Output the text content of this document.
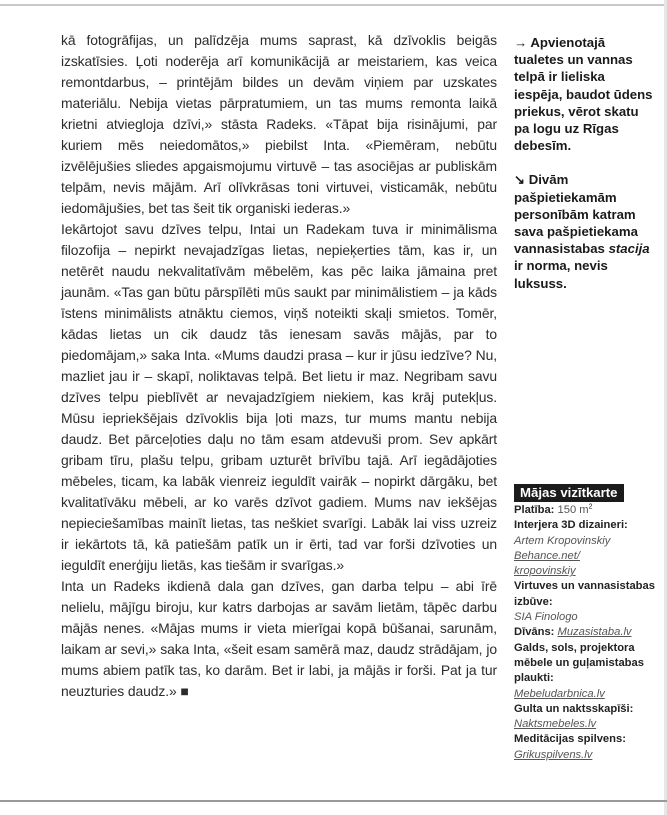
kā fotogrāfijas, un palīdzēja mums saprast, kā dzīvoklis beigās izskatīsies. Ļoti noderēja arī komunikācijā ar meistariem, kas veica remontdarbus, – printējām bildes un devām viņiem par uzskates materiālu. Nebija vietas pārpratumiem, un tas mums remonta laikā krietni atviegloja dzīvi,» stāsta Radeks. «Tāpat bija risinājumi, par kuriem mēs neiedomātos,» piebilst Inta. «Piemēram, nebūtu izvēlējušies sliedes apgaismojumu virtuvē – tas asociējas ar publiskām telpām, nevis mājām. Arī olīvkrāsas toni virtuvei, visticamāk, nebūtu iedomājušies, bet tas šeit tik organiski iederas.»

Iekārtojot savu dzīves telpu, Intai un Radekam tuva ir minimālisma filozofija – nepirkt nevajadzīgas lietas, nepieķerties tām, kas ir, un netērēt naudu nekvalitatīvām mēbelēm, kas pēc laika jāmaina pret jaunām. «Tas gan būtu pārspīlēti mūs saukt par minimālistiem – ja kāds īstens minimālists atnāktu ciemos, viņš noteikti skaļi smietos. Tomēr, kādas lietas un cik daudz tās ienesam savās mājās, par to piedomājam,» saka Inta. «Mums daudzi prasa – kur ir jūsu iedzīve? Nu, mazliet jau ir – skapī, noliktavas telpā. Bet lietu ir maz. Negribam savu dzīves telpu pieblīvēt ar nevajadzīgiem niekiem, kas krāj putekļus. Mūsu iepriekšējais dzīvoklis bija ļoti mazs, tur mums mantu nebija daudz. Bet pārceļoties daļu no tām esam atdevuši prom. Sev apkārt gribam tīru, plašu telpu, gribam uzturēt brīvību tajā. Arī iegādājoties mēbeles, ticam, ka labāk vienreiz ieguldīt vairāk – nopirkt dārgāku, bet kvalitatīvāku mēbeli, ar ko varēs dzīvot gadiem. Mums nav iekšējas nepieciešamības mainīt lietas, tas neškiet svarīgi. Labāk lai viss uzreiz ir iekārtots tā, kā patiešām patīk un ir ērti, tad var forši dzīvoties un ieguldīt enerģiju lietās, kas tiešām ir svarīgas.»

Inta un Radeks ikdienā dala gan dzīves, gan darba telpu – abi īrē nelielu, mājīgu biroju, kur katrs darbojas ar savām lietām, tāpēc darbu mājās nenes. «Mājas mums ir vieta mierīgai kopā būšanai, sarunām, laikam ar sevi,» saka Inta, «šeit esam samērā maz, daudz strādājam, jo mums abiem patīk tas, ko darām. Bet ir labi, ja mājās ir forši. Pat ja tur neuzturies daudz.» ■

→ Apvienotajā tualetes un vannas telpā ir lieliska iespēja, baudot ūdens priekus, vērot skatu pa logu uz Rīgas debesīm.

↘ Divām pašpietiekamām personībām katram sava pašpietiekama vannasistabas stacija ir norma, nevis luksuss.

Mājas vizītkarte
Platība: 150 $m^2$
Interjera 3D dizaineri:
Artem Kropovinskiy
Behance.net/
kropovinskiy
Virtuves un vannasistabas izbūve:
SIA Finologo
Dīvāns: Muzasistaba.lv
Galds, sols, projektora mēbele un guļamistabas plaukti:
Mebeludarbnica.lv
Gulta un naktsskapīši:
Naktsmebeles.lv
Meditācijas spilvens:
Grikuspilvens.lv
